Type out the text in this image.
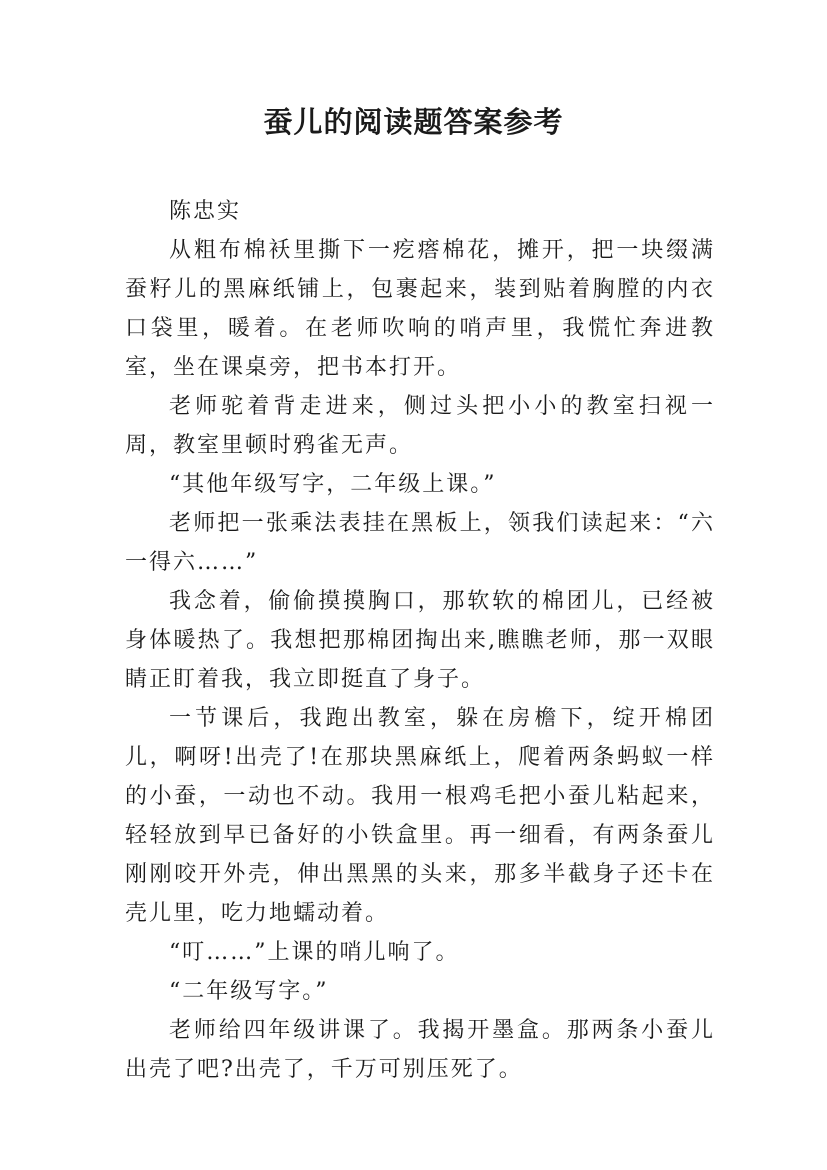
蚕儿的阅读题答案参考

陈忠实

从粗布棉袄里撕下一疙瘩棉花，摊开，把一块缀满蚕籽儿的黑麻纸铺上，包裹起来，装到贴着胸膛的内衣口袋里，暖着。在老师吹响的哨声里，我慌忙奔进教室，坐在课桌旁，把书本打开。

老师驼着背走进来，侧过头把小小的教室扫视一周，教室里顿时鸦雀无声。

“其他年级写字，二年级上课。”

老师把一张乘法表挂在黑板上，领我们读起来：“六一得六……”

我念着，偷偷摸摸胸口，那软软的棉团儿，已经被身体暖热了。我想把那棉团掏出来,瞧瞧老师，那一双眼睛正盯着我，我立即挺直了身子。

一节课后，我跑出教室，躲在房檐下，绽开棉团儿，啊呀!出壳了!在那块黑麻纸上，爬着两条蚂蚁一样的小蚕，一动也不动。我用一根鸡毛把小蚕儿粘起来，轻轻放到早已备好的小铁盒里。再一细看，有两条蚕儿刚刚咬开外壳，伸出黑黑的头来，那多半截身子还卡在壳儿里，吃力地蠕动着。

“叮……”上课的哨儿响了。

“二年级写字。”

老师给四年级讲课了。我揭开墨盒。那两条小蚕儿出壳了吧?出壳了，千万可别压死了。
